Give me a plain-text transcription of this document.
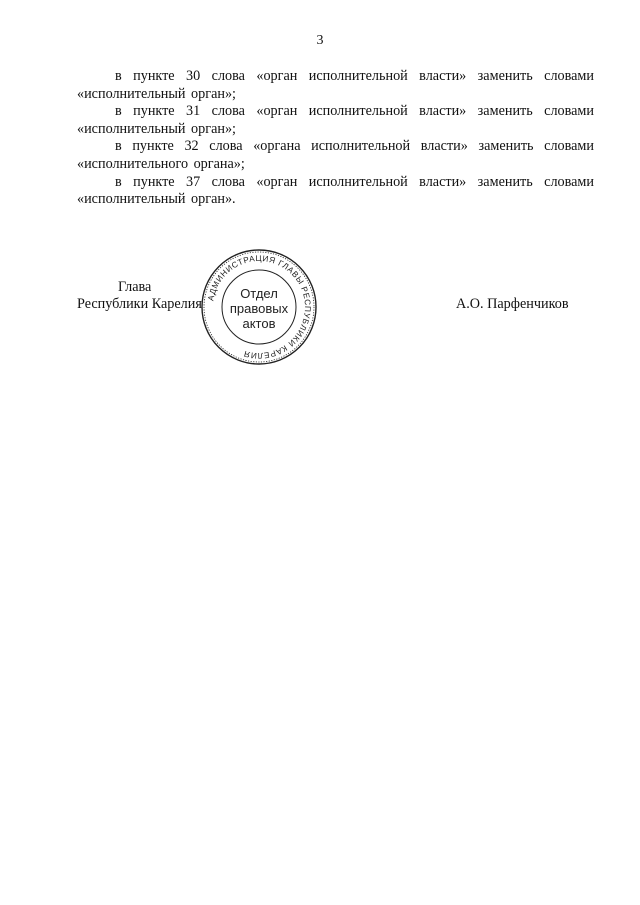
3

в пункте 30 слова «орган исполнительной власти» заменить словами
«исполнительный орган»;

в пункте 31 слова «орган исполнительной власти» заменить словами
«исполнительный орган»;

в пункте 32 слова «органа исполнительной власти» заменить словами
«исполнительного органа»;

в пункте 37 слова «орган исполнительной власти» заменить словами
«исполнительный орган».

Глава
Республики Карелия	А.О. Парфенчиков
АДМИНИСТРАЦИЯ ГЛАВЫ РЕСПУБЛИКИ КАРЕЛИЯ
Отдел
правовых
актов
